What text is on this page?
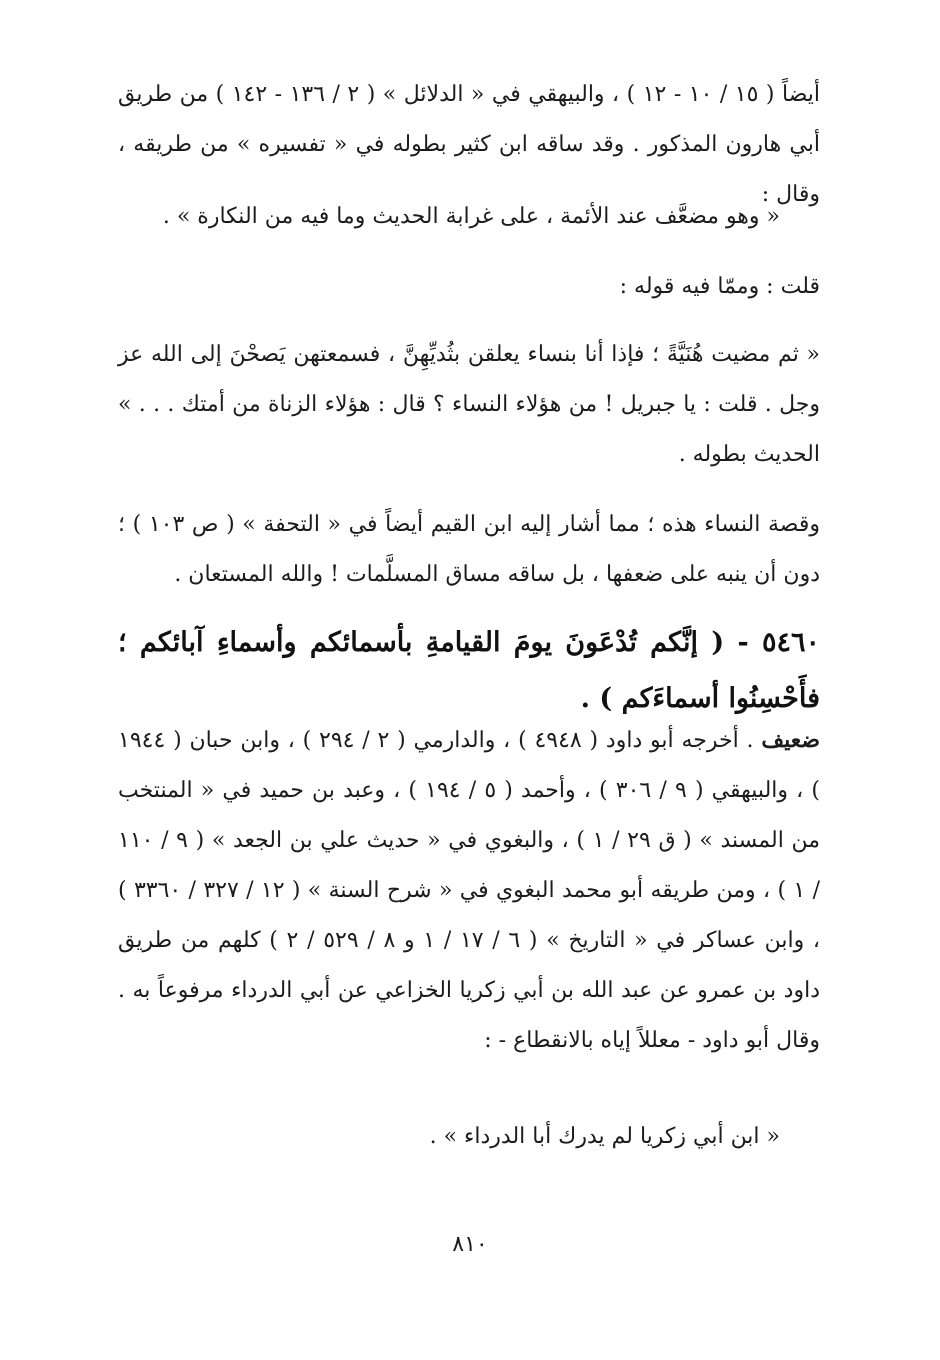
أيضاً ( ١٥ / ١٠ - ١٢ ) ، والبيهقي في « الدلائل » ( ٢ / ١٣٦ - ١٤٢ ) من طريق أبي هارون المذكور . وقد ساقه ابن كثير بطوله في « تفسيره » من طريقه ، وقال :

« وهو مضعَّف عند الأئمة ، على غرابة الحديث وما فيه من النكارة » .

قلت : وممّا فيه قوله :

« ثم مضيت هُنَيَّةً ؛ فإذا أنا بنساء يعلقن بثُديِّهِنَّ ، فسمعتهن يَصحْنَ إلى الله عز وجل . قلت : يا جبريل ! من هؤلاء النساء ؟ قال : هؤلاء الزناة من أمتك . . . » الحديث بطوله .

وقصة النساء هذه ؛ مما أشار إليه ابن القيم أيضاً في « التحفة » ( ص ١٠٣ ) ؛ دون أن ينبه على ضعفها ، بل ساقه مساق المسلَّمات ! والله المستعان .

٥٤٦٠ - ( إنَّكم تُدْعَونَ يومَ القيامةِ بأسمائكم وأسماءِ آبائكم ؛ فأَحْسِنُوا أسماءَكم ) .

ضعيف . أخرجه أبو داود ( ٤٩٤٨ ) ، والدارمي ( ٢ / ٢٩٤ ) ، وابن حبان ( ١٩٤٤ ) ، والبيهقي ( ٩ / ٣٠٦ ) ، وأحمد ( ٥ / ١٩٤ ) ، وعبد بن حميد في « المنتخب من المسند » ( ق ٢٩ / ١ ) ، والبغوي في « حديث علي بن الجعد » ( ٩ / ١١٠ / ١ ) ، ومن طريقه أبو محمد البغوي في « شرح السنة » ( ١٢ / ٣٢٧ / ٣٣٦٠ ) ، وابن عساكر في « التاريخ » ( ٦ / ١٧ / ١ و ٨ / ٥٢٩ / ٢ ) كلهم من طريق داود بن عمرو عن عبد الله بن أبي زكريا الخزاعي عن أبي الدرداء مرفوعاً به . وقال أبو داود - معللاً إياه بالانقطاع - :

« ابن أبي زكريا لم يدرك أبا الدرداء » .

٨١٠
